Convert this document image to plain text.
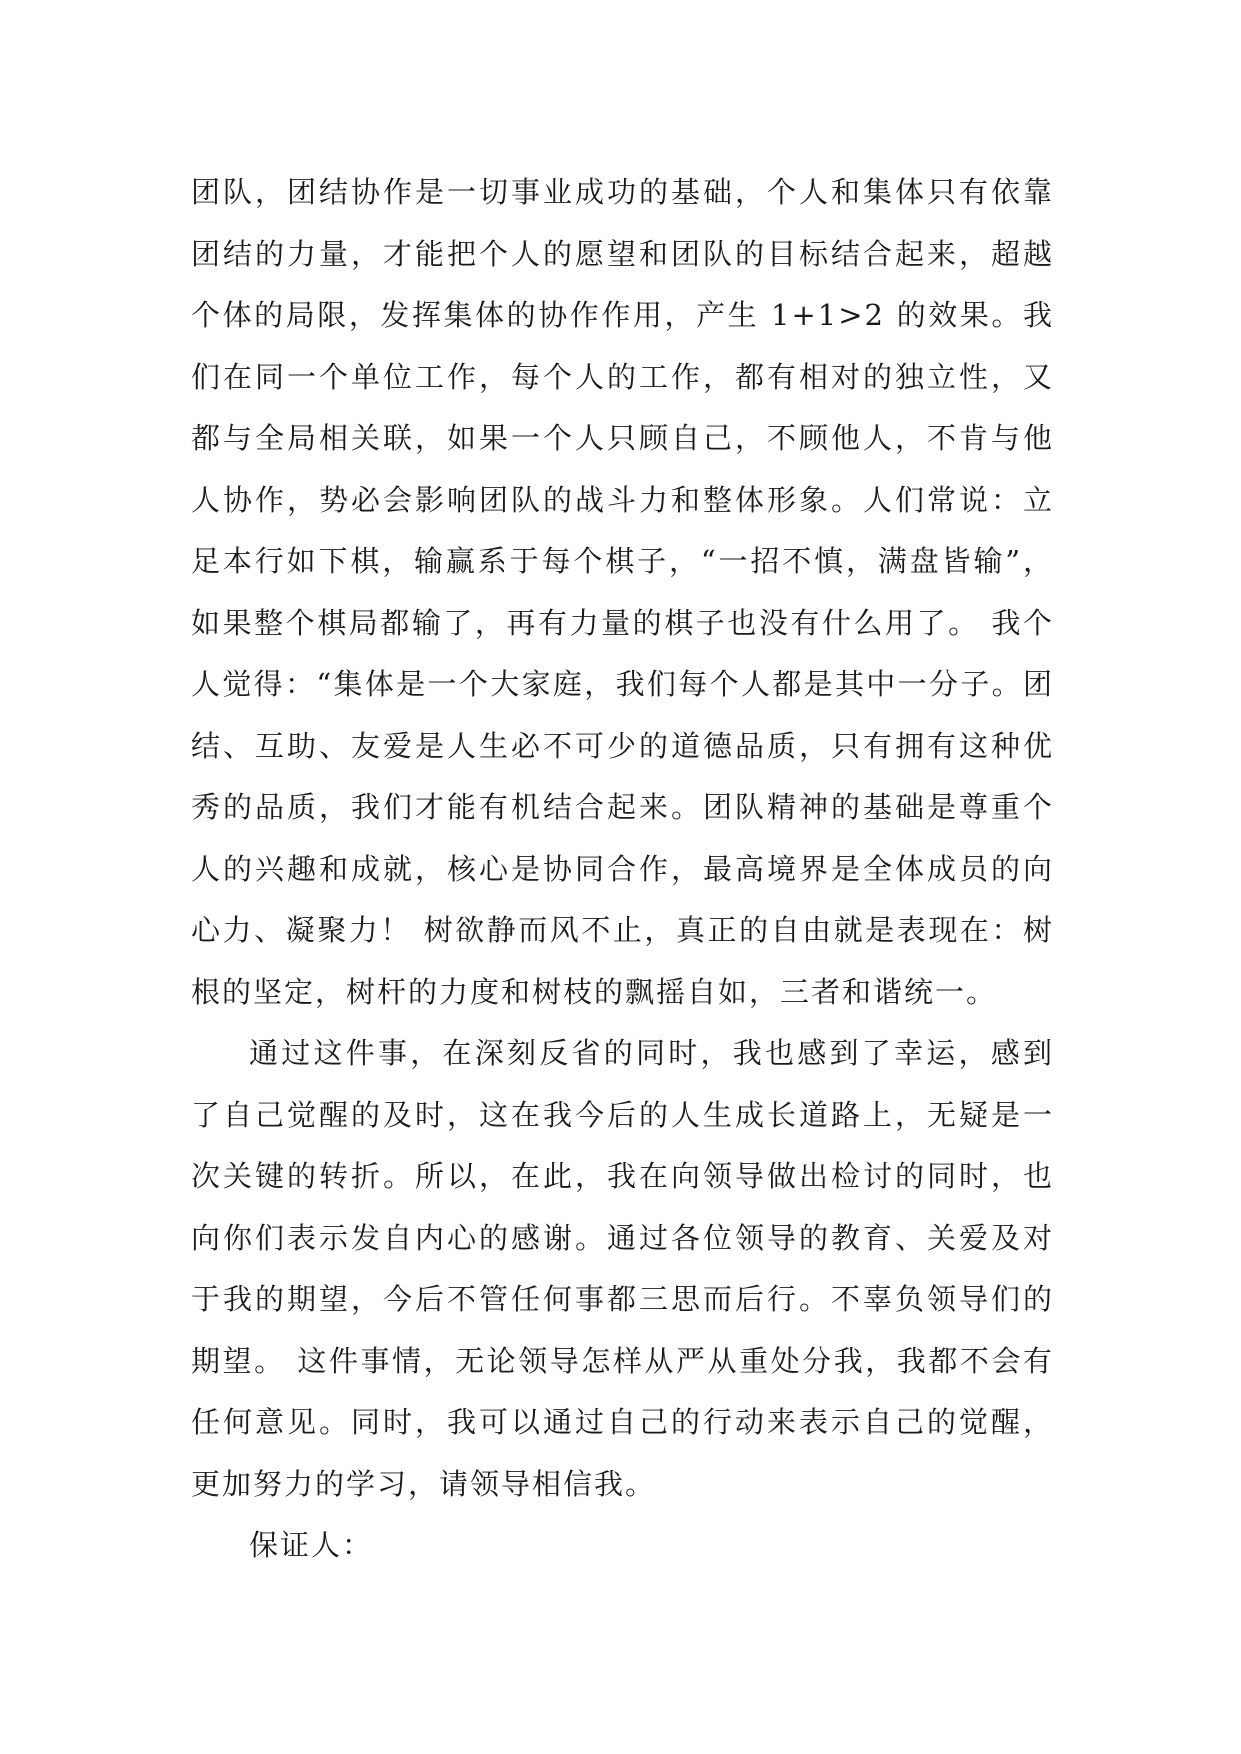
团队，团结协作是一切事业成功的基础，个人和集体只有依靠团结的力量，才能把个人的愿望和团队的目标结合起来，超越个体的局限，发挥集体的协作作用，产生 1+1>2 的效果。我们在同一个单位工作，每个人的工作，都有相对的独立性，又都与全局相关联，如果一个人只顾自己，不顾他人，不肯与他人协作，势必会影响团队的战斗力和整体形象。人们常说：立足本行如下棋，输赢系于每个棋子，“一招不慎，满盘皆输”，如果整个棋局都输了，再有力量的棋子也没有什么用了。 我个人觉得：“集体是一个大家庭，我们每个人都是其中一分子。团结、互助、友爱是人生必不可少的道德品质，只有拥有这种优秀的品质，我们才能有机结合起来。团队精神的基础是尊重个人的兴趣和成就，核心是协同合作，最高境界是全体成员的向心力、凝聚力！ 树欲静而风不止，真正的自由就是表现在：树根的坚定，树杆的力度和树枝的飘摇自如，三者和谐统一。

通过这件事，在深刻反省的同时，我也感到了幸运，感到了自己觉醒的及时，这在我今后的人生成长道路上，无疑是一次关键的转折。所以，在此，我在向领导做出检讨的同时，也向你们表示发自内心的感谢。通过各位领导的教育、关爱及对于我的期望，今后不管任何事都三思而后行。不辜负领导们的期望。 这件事情，无论领导怎样从严从重处分我，我都不会有任何意见。同时，我可以通过自己的行动来表示自己的觉醒，更加努力的学习，请领导相信我。

保证人：
